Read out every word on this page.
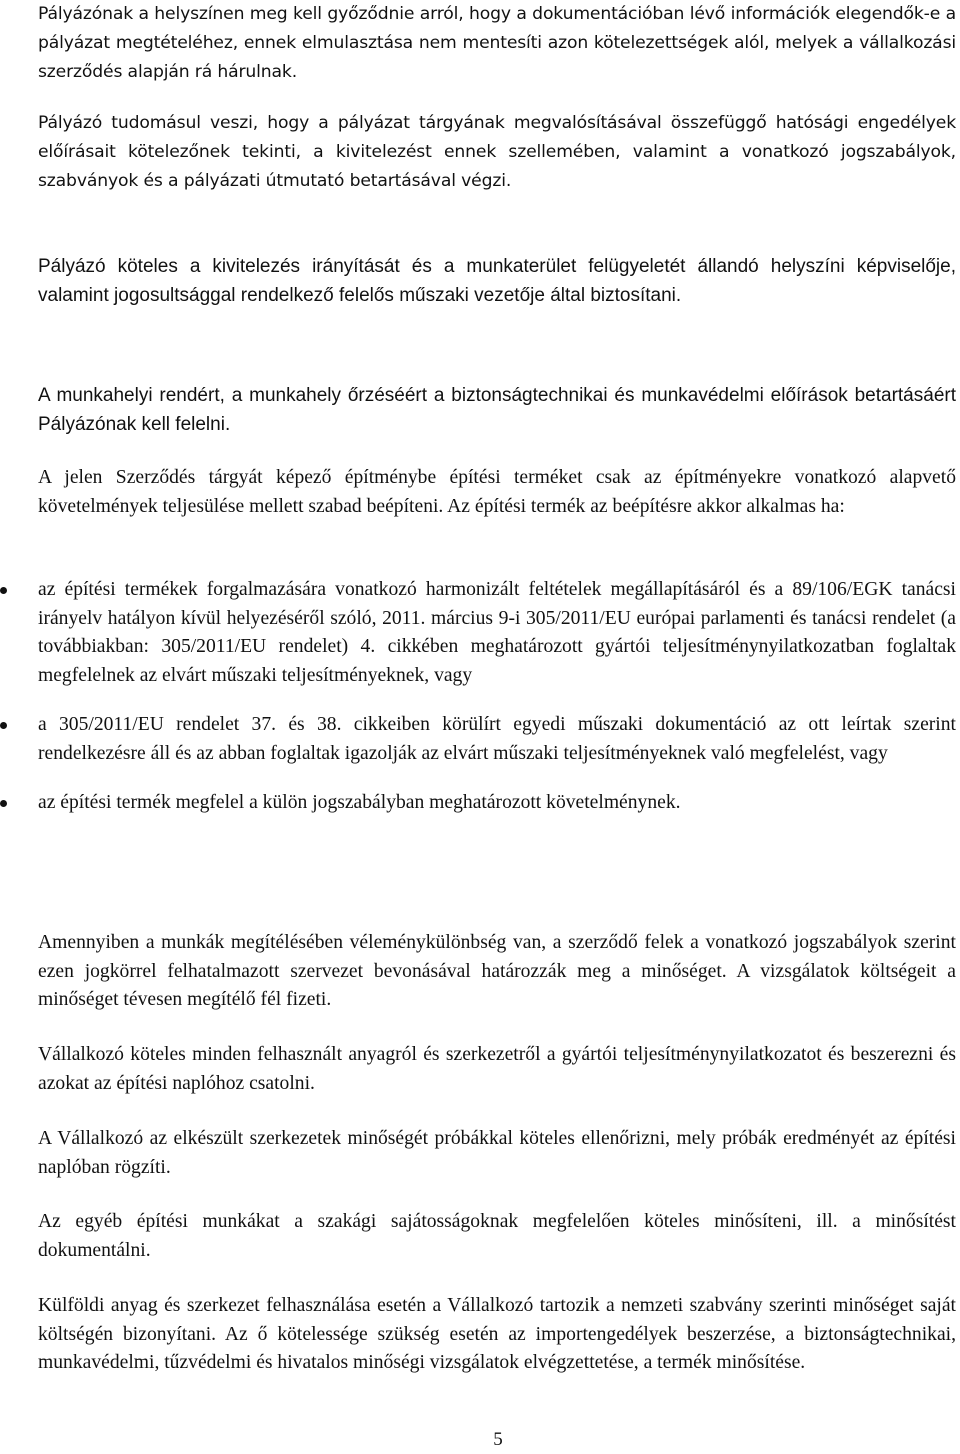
Pályázónak a helyszínen meg kell győződnie arról, hogy a dokumentációban lévő információk elegendők-e a pályázat megtételéhez, ennek elmulasztása nem mentesíti azon kötelezettségek alól, melyek a vállalkozási szerződés alapján rá hárulnak.

Pályázó tudomásul veszi, hogy a pályázat tárgyának megvalósításával összefüggő hatósági engedélyek előírásait kötelezőnek tekinti, a kivitelezést ennek szellemében, valamint a vonatkozó jogszabályok, szabványok és a pályázati útmutató betartásával végzi.

Pályázó köteles a kivitelezés irányítását és a munkaterület felügyeletét állandó helyszíni képviselője, valamint jogosultsággal rendelkező felelős műszaki vezetője által biztosítani.

A munkahelyi rendért, a munkahely őrzéséért a biztonságtechnikai és munkavédelmi előírások betartásáért Pályázónak kell felelni.

A jelen Szerződés tárgyát képező építménybe építési terméket csak az építményekre vonatkozó alapvető követelmények teljesülése mellett szabad beépíteni. Az építési termék az beépítésre akkor alkalmas ha:

az építési termékek forgalmazására vonatkozó harmonizált feltételek megállapításáról és a 89/106/EGK tanácsi irányelv hatályon kívül helyezéséről szóló, 2011. március 9-i 305/2011/EU európai parlamenti és tanácsi rendelet (a továbbiakban: 305/2011/EU rendelet) 4. cikkében meghatározott gyártói teljesítménynyilatkozatban foglaltak megfelelnek az elvárt műszaki teljesítményeknek, vagy
a 305/2011/EU rendelet 37. és 38. cikkeiben körülírt egyedi műszaki dokumentáció az ott leírtak szerint rendelkezésre áll és az abban foglaltak igazolják az elvárt műszaki teljesítményeknek való megfelelést, vagy
az építési termék megfelel a külön jogszabályban meghatározott követelménynek.

Amennyiben a munkák megítélésében véleménykülönbség van, a szerződő felek a vonatkozó jogszabályok szerint ezen jogkörrel felhatalmazott szervezet bevonásával határozzák meg a minőséget. A vizsgálatok költségeit a minőséget tévesen megítélő fél fizeti.

Vállalkozó köteles minden felhasznált anyagról és szerkezetről a gyártói teljesítménynyilatkozatot és beszerezni és azokat az építési naplóhoz csatolni.

A Vállalkozó az elkészült szerkezetek minőségét próbákkal köteles ellenőrizni, mely próbák eredményét az építési naplóban rögzíti.

Az egyéb építési munkákat a szakági sajátosságoknak megfelelően köteles minősíteni, ill. a minősítést dokumentálni.

Külföldi anyag és szerkezet felhasználása esetén a Vállalkozó tartozik a nemzeti szabvány szerinti minőséget saját költségén bizonyítani. Az ő kötelessége szükség esetén az importengedélyek beszerzése, a biztonságtechnikai, munkavédelmi, tűzvédelmi és hivatalos minőségi vizsgálatok elvégzettetése, a termék minősítése.

5
